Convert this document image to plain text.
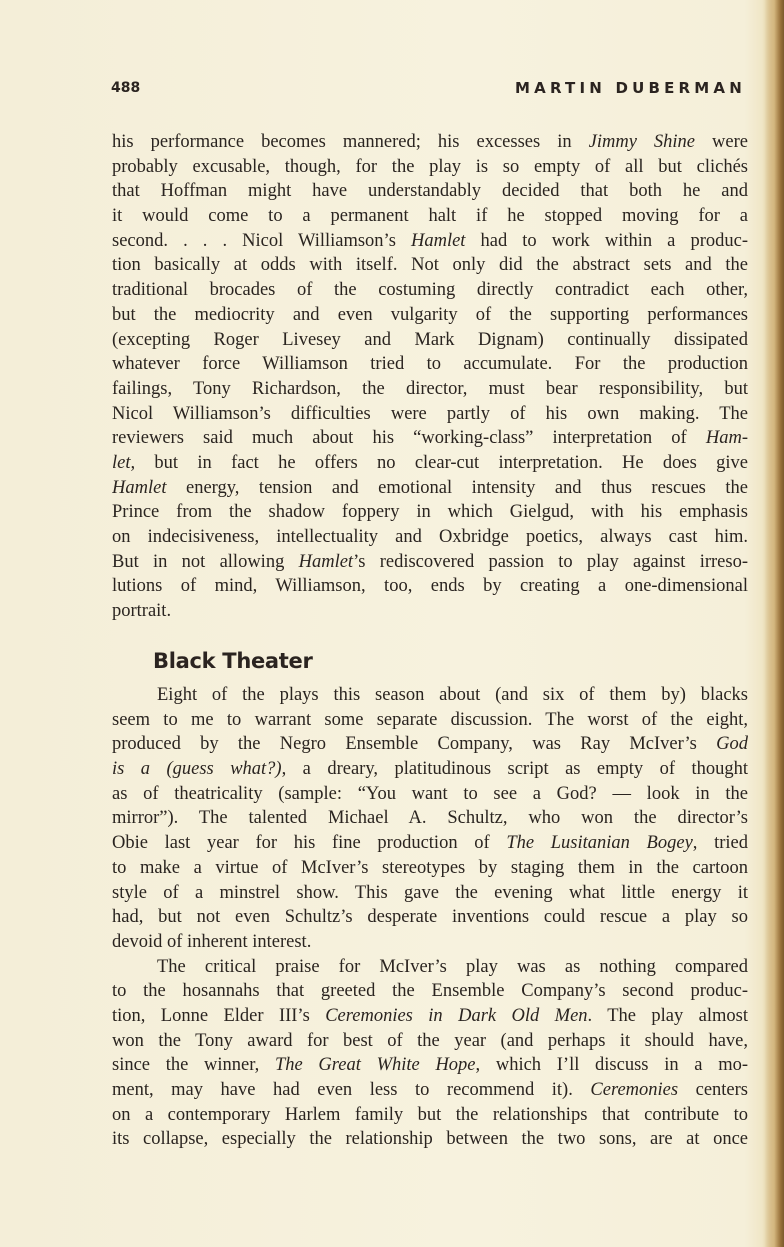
488	MARTIN DUBERMAN
his performance becomes mannered; his excesses in Jimmy Shine were
probably excusable, though, for the play is so empty of all but clichés
that Hoffman might have understandably decided that both he and
it would come to a permanent halt if he stopped moving for a
second. . . . Nicol Williamson’s Hamlet had to work within a produc-
tion basically at odds with itself. Not only did the abstract sets and the
traditional brocades of the costuming directly contradict each other,
but the mediocrity and even vulgarity of the supporting performances
(excepting Roger Livesey and Mark Dignam) continually dissipated
whatever force Williamson tried to accumulate. For the production
failings, Tony Richardson, the director, must bear responsibility, but
Nicol Williamson’s difficulties were partly of his own making. The
reviewers said much about his “working-class” interpretation of Ham-
let, but in fact he offers no clear-cut interpretation. He does give
Hamlet energy, tension and emotional intensity and thus rescues the
Prince from the shadow foppery in which Gielgud, with his emphasis
on indecisiveness, intellectuality and Oxbridge poetics, always cast him.
But in not allowing Hamlet’s rediscovered passion to play against irreso-
lutions of mind, Williamson, too, ends by creating a one-dimensional
portrait.
Black Theater
Eight of the plays this season about (and six of them by) blacks
seem to me to warrant some separate discussion. The worst of the eight,
produced by the Negro Ensemble Company, was Ray McIver’s God
is a (guess what?), a dreary, platitudinous script as empty of thought
as of theatricality (sample: “You want to see a God? — look in the
mirror”). The talented Michael A. Schultz, who won the director’s
Obie last year for his fine production of The Lusitanian Bogey, tried
to make a virtue of McIver’s stereotypes by staging them in the cartoon
style of a minstrel show. This gave the evening what little energy it
had, but not even Schultz’s desperate inventions could rescue a play so
devoid of inherent interest.
The critical praise for McIver’s play was as nothing compared
to the hosannahs that greeted the Ensemble Company’s second produc-
tion, Lonne Elder III’s Ceremonies in Dark Old Men. The play almost
won the Tony award for best of the year (and perhaps it should have,
since the winner, The Great White Hope, which I’ll discuss in a mo-
ment, may have had even less to recommend it). Ceremonies centers
on a contemporary Harlem family but the relationships that contribute to
its collapse, especially the relationship between the two sons, are at once
